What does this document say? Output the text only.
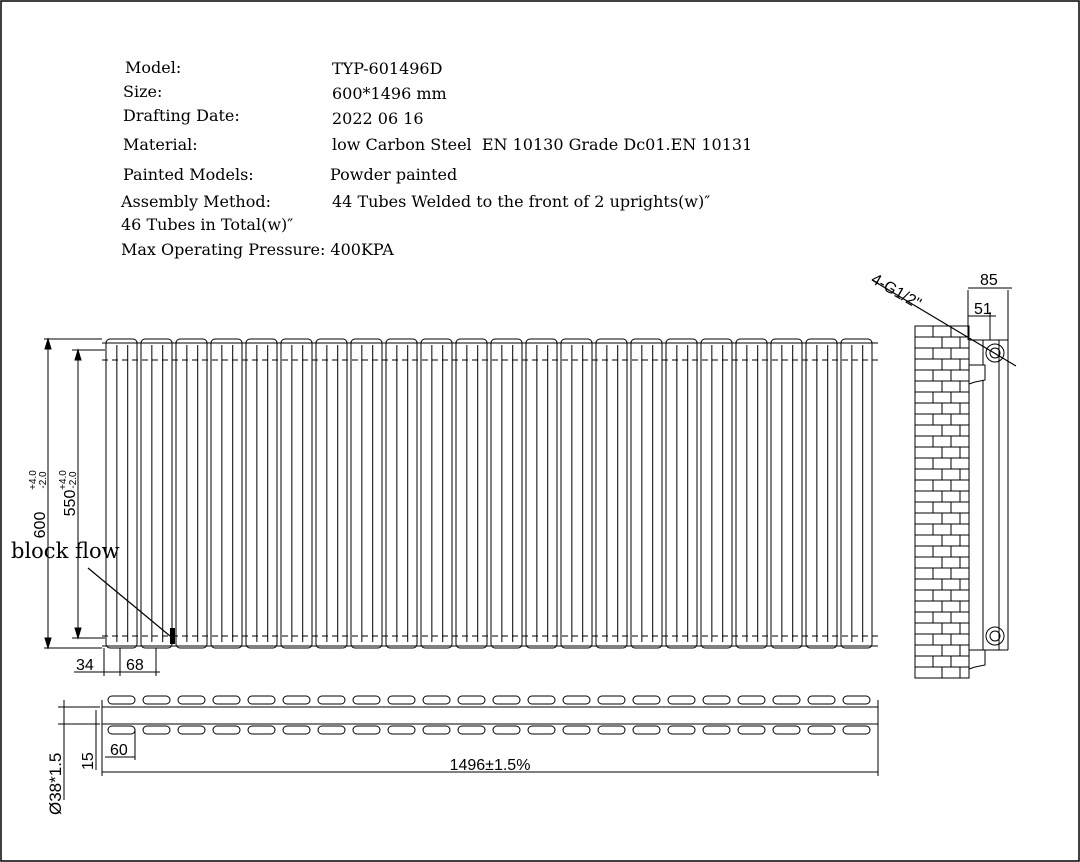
600
+4.0 -2.0
550
+4.0 -2.0
34 68
85
51
4-G1/2"
1496±1.5%
60
15
Ø38*1.5
Model:	TYP-601496D
Size:	600*1496 mm
Drafting Date:	2022 06 16
Material:	low Carbon Steel  EN 10130 Grade Dc01.EN 10131
Painted Models:	Powder painted
Assembly Method:	44 Tubes Welded to the front of 2 uprights(w)″
46 Tubes in Total(w)″
Max Operating Pressure: 400KPA
block flow
